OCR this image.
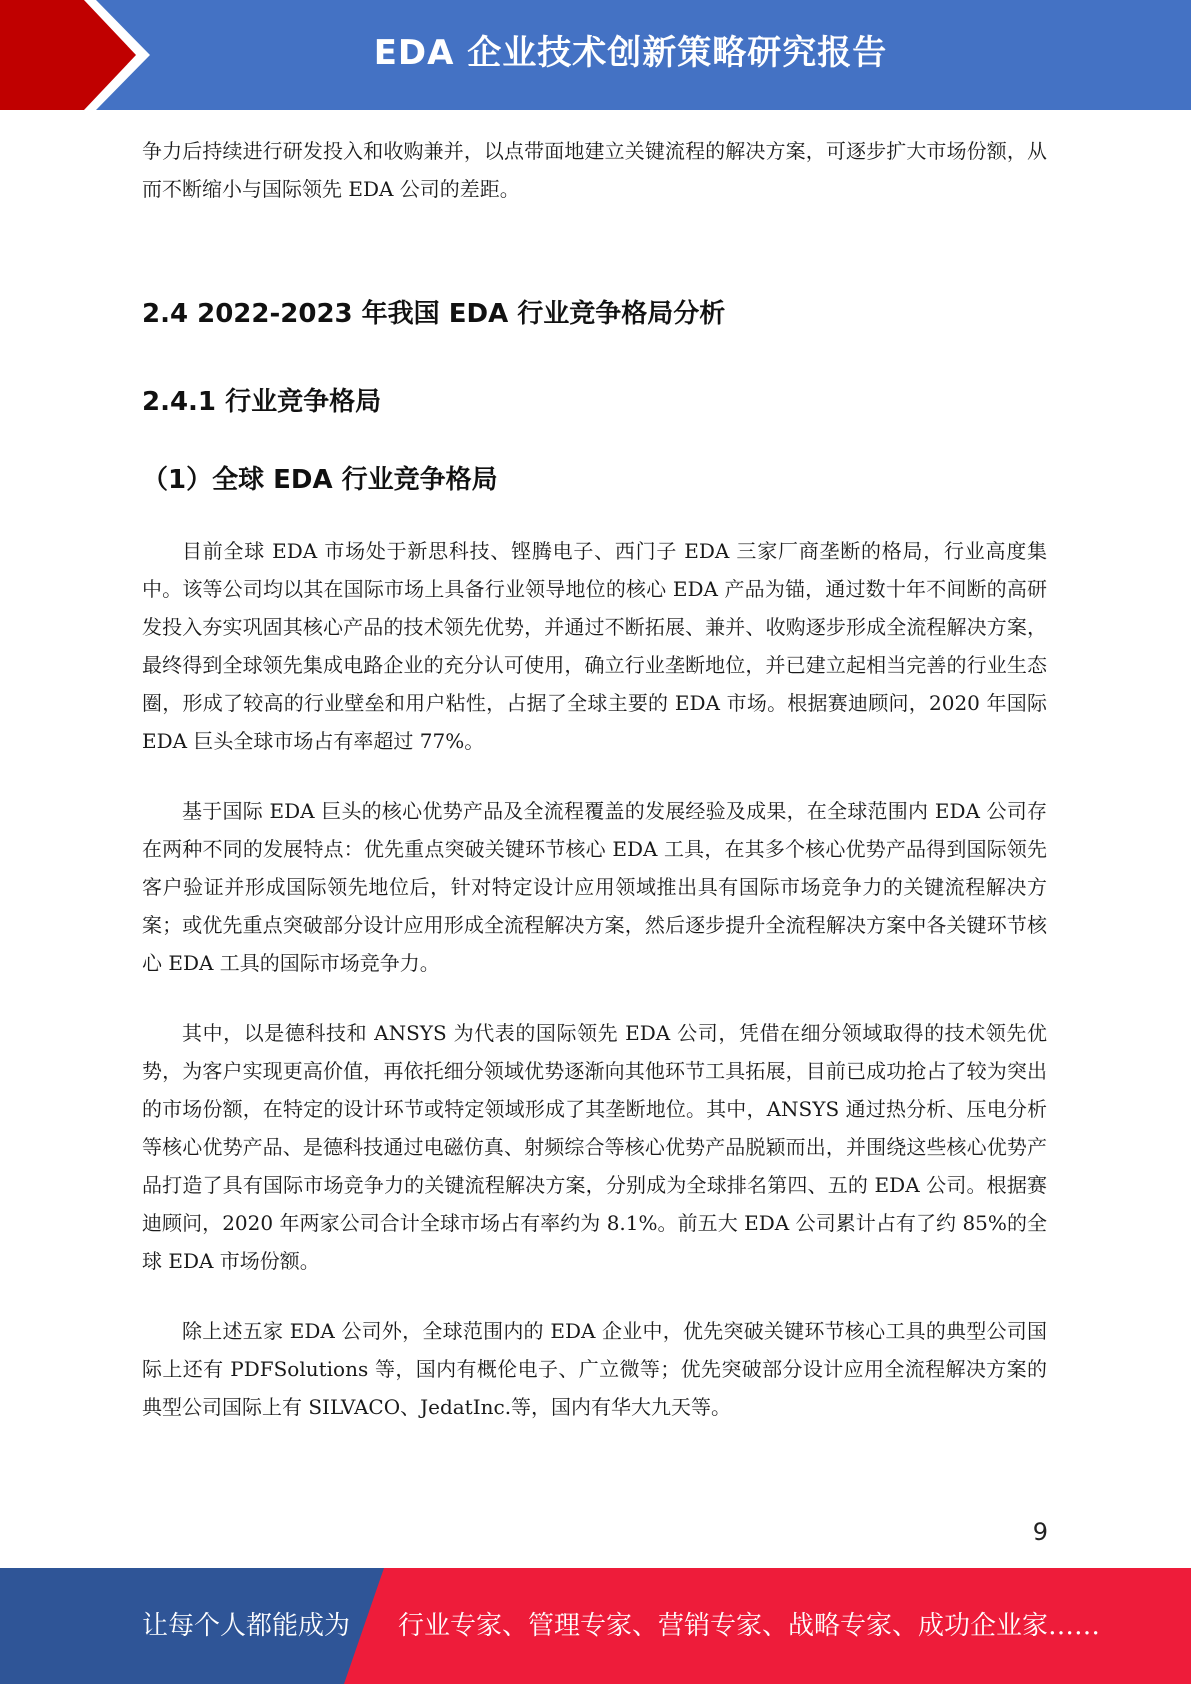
EDA 企业技术创新策略研究报告

争力后持续进行研发投入和收购兼并，以点带面地建立关键流程的解决方案，可逐步扩大市场份额，从而不断缩小与国际领先 EDA 公司的差距。

2.4 2022-2023 年我国 EDA 行业竞争格局分析
2.4.1 行业竞争格局
（1）全球 EDA 行业竞争格局

目前全球 EDA 市场处于新思科技、铿腾电子、西门子 EDA 三家厂商垄断的格局，行业高度集中。该等公司均以其在国际市场上具备行业领导地位的核心 EDA 产品为锚，通过数十年不间断的高研发投入夯实巩固其核心产品的技术领先优势，并通过不断拓展、兼并、收购逐步形成全流程解决方案，最终得到全球领先集成电路企业的充分认可使用，确立行业垄断地位，并已建立起相当完善的行业生态圈，形成了较高的行业壁垒和用户粘性，占据了全球主要的 EDA 市场。根据赛迪顾问，2020 年国际 EDA 巨头全球市场占有率超过 77%。

基于国际 EDA 巨头的核心优势产品及全流程覆盖的发展经验及成果，在全球范围内 EDA 公司存在两种不同的发展特点：优先重点突破关键环节核心 EDA 工具，在其多个核心优势产品得到国际领先客户验证并形成国际领先地位后，针对特定设计应用领域推出具有国际市场竞争力的关键流程解决方案；或优先重点突破部分设计应用形成全流程解决方案，然后逐步提升全流程解决方案中各关键环节核心 EDA 工具的国际市场竞争力。

其中，以是德科技和 ANSYS 为代表的国际领先 EDA 公司，凭借在细分领域取得的技术领先优势，为客户实现更高价值，再依托细分领域优势逐渐向其他环节工具拓展，目前已成功抢占了较为突出的市场份额，在特定的设计环节或特定领域形成了其垄断地位。其中，ANSYS 通过热分析、压电分析等核心优势产品、是德科技通过电磁仿真、射频综合等核心优势产品脱颖而出，并围绕这些核心优势产品打造了具有国际市场竞争力的关键流程解决方案，分别成为全球排名第四、五的 EDA 公司。根据赛迪顾问，2020 年两家公司合计全球市场占有率约为 8.1%。前五大 EDA 公司累计占有了约 85%的全球 EDA 市场份额。

除上述五家 EDA 公司外，全球范围内的 EDA 企业中，优先突破关键环节核心工具的典型公司国际上还有 PDFSolutions 等，国内有概伦电子、广立微等；优先突破部分设计应用全流程解决方案的典型公司国际上有 SILVACO、JedatInc.等，国内有华大九天等。

9
让每个人都能成为 行业专家、管理专家、营销专家、战略专家、成功企业家……
